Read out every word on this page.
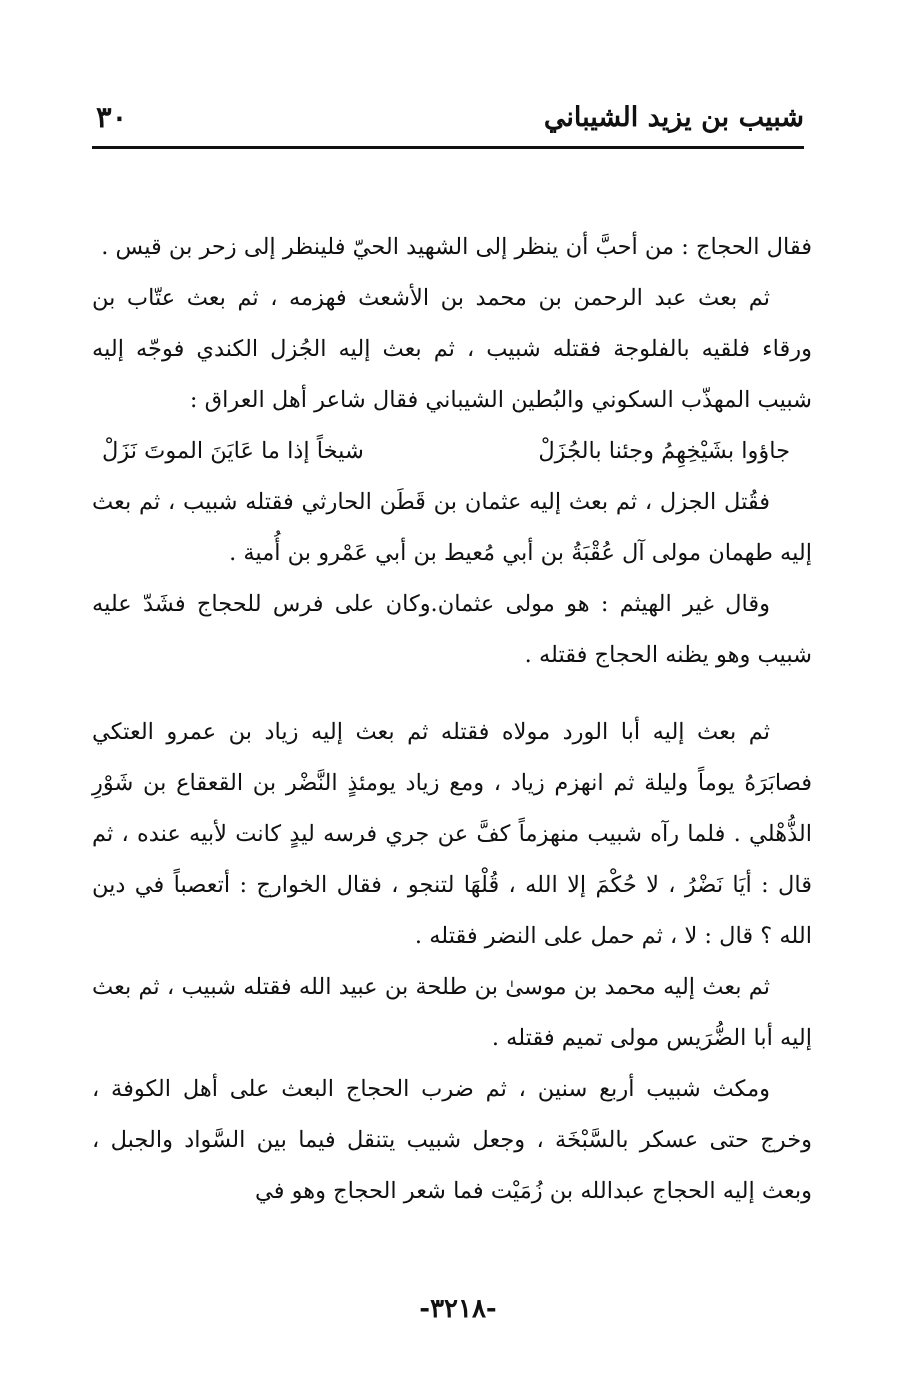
شبيب بن يزيد الشيباني
٣٠

فقال الحجاج : من أحبَّ أن ينظر إلى الشهيد الحيّ فلينظر إلى زحر بن قيس .

ثم بعث عبد الرحمن بن محمد بن الأشعث فهزمه ، ثم بعث عتّاب بن ورقاء فلقيه بالفلوجة فقتله شبيب ، ثم بعث إليه الجُزل الكندي فوجّه إليه شبيب المهذّب السكوني والبُطين الشيباني فقال شاعر أهل العراق :

جاؤوا بشَيْخِهِمُ وجئنا بالجُزَلْ
شيخاً إذا ما عَايَنَ الموتَ نَزَلْ

فقُتل الجزل ، ثم بعث إليه عثمان بن قَطَن الحارثي فقتله شبيب ، ثم بعث إليه طهمان مولى آل عُقْبَةُ بن أبي مُعيط بن أبي عَمْرو بن أُمية .

وقال غير الهيثم : هو مولى عثمان.وكان على فرس للحجاج فشَدّ عليه شبيب وهو يظنه الحجاج فقتله .

ثم بعث إليه أبا الورد مولاه فقتله ثم بعث إليه زياد بن عمرو العتكي فصابَرَهُ يوماً وليلة ثم انهزم زياد ، ومع زياد يومئذٍ النَّضْر بن القعقاع بن شَوْرِ الذُّهْلي . فلما رآه شبيب منهزماً كفَّ عن جري فرسه ليدٍ كانت لأبيه عنده ، ثم قال : أيَا نَضْرُ ، لا حُكْمَ إلا الله ، قُلْهَا لتنجو ، فقال الخوارج : أتعصباً في دين الله ؟ قال : لا ، ثم حمل على النضر فقتله .

ثم بعث إليه محمد بن موسىٰ بن طلحة بن عبيد الله فقتله شبيب ، ثم بعث إليه أبا الضُّرَيس مولى تميم فقتله .

ومكث شبيب أربع سنين ، ثم ضرب الحجاج البعث على أهل الكوفة ، وخرج حتى عسكر بالسَّبْخَة ، وجعل شبيب يتنقل فيما بين السَّواد والجبل ، وبعث إليه الحجاج عبدالله بن زُمَيْت فما شعر الحجاج وهو في

-٣٢١٨-
